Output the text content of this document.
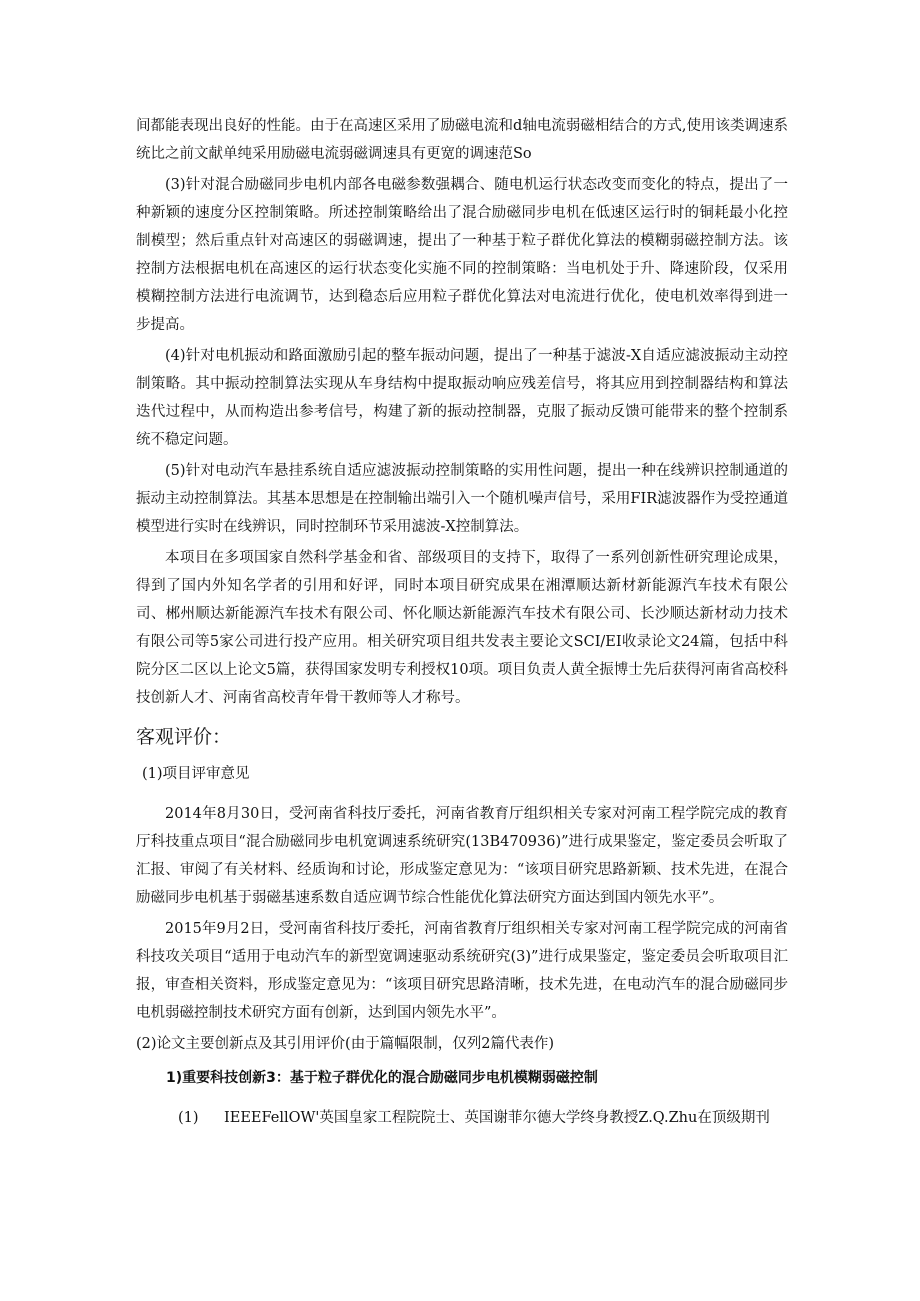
间都能表现出良好的性能。由于在高速区采用了励磁电流和d轴电流弱磁相结合的方式,使用该类调速系统比之前文献单纯采用励磁电流弱磁调速具有更宽的调速范So

(3)针对混合励磁同步电机内部各电磁参数强耦合、随电机运行状态改变而变化的特点，提出了一种新颖的速度分区控制策略。所述控制策略给出了混合励磁同步电机在低速区运行时的铜耗最小化控制模型；然后重点针对高速区的弱磁调速，提出了一种基于粒子群优化算法的模糊弱磁控制方法。该控制方法根据电机在高速区的运行状态变化实施不同的控制策略：当电机处于升、降速阶段，仅采用模糊控制方法进行电流调节，达到稳态后应用粒子群优化算法对电流进行优化，使电机效率得到进一步提高。

(4)针对电机振动和路面激励引起的整车振动问题，提出了一种基于滤波-X自适应滤波振动主动控制策略。其中振动控制算法实现从车身结构中提取振动响应残差信号，将其应用到控制器结构和算法迭代过程中，从而构造出参考信号，构建了新的振动控制器，克服了振动反馈可能带来的整个控制系统不稳定问题。

(5)针对电动汽车悬挂系统自适应滤波振动控制策略的实用性问题，提出一种在线辨识控制通道的振动主动控制算法。其基本思想是在控制输出端引入一个随机噪声信号，采用FIR滤波器作为受控通道模型进行实时在线辨识，同时控制环节采用滤波-X控制算法。

本项目在多项国家自然科学基金和省、部级项目的支持下，取得了一系列创新性研究理论成果，得到了国内外知名学者的引用和好评，同时本项目研究成果在湘潭顺达新材新能源汽车技术有限公司、郴州顺达新能源汽车技术有限公司、怀化顺达新能源汽车技术有限公司、长沙顺达新材动力技术有限公司等5家公司进行投产应用。相关研究项目组共发表主要论文SCI/EI收录论文24篇，包括中科院分区二区以上论文5篇，获得国家发明专利授权10项。项目负责人黄全振博士先后获得河南省高校科技创新人才、河南省高校青年骨干教师等人才称号。

客观评价：

(1)项目评审意见

2014年8月30日，受河南省科技厅委托，河南省教育厅组织相关专家对河南工程学院完成的教育厅科技重点项目“混合励磁同步电机宽调速系统研究(13B470936)”进行成果鉴定，鉴定委员会听取了汇报、审阅了有关材料、经质询和讨论，形成鉴定意见为：“该项目研究思路新颖、技术先进，在混合励磁同步电机基于弱磁基速系数自适应调节综合性能优化算法研究方面达到国内领先水平”。

2015年9月2日，受河南省科技厅委托，河南省教育厅组织相关专家对河南工程学院完成的河南省科技攻关项目“适用于电动汽车的新型宽调速驱动系统研究(3)”进行成果鉴定，鉴定委员会听取项目汇报，审查相关资料，形成鉴定意见为：“该项目研究思路清晰，技术先进，在电动汽车的混合励磁同步电机弱磁控制技术研究方面有创新，达到国内领先水平”。

(2)论文主要创新点及其引用评价(由于篇幅限制，仅列2篇代表作)

1)重要科技创新3：基于粒子群优化的混合励磁同步电机模糊弱磁控制
(1) IEEEFellOW'英国皇家工程院院士、英国谢菲尔德大学终身教授Z.Q.Zhu在顶级期刊
